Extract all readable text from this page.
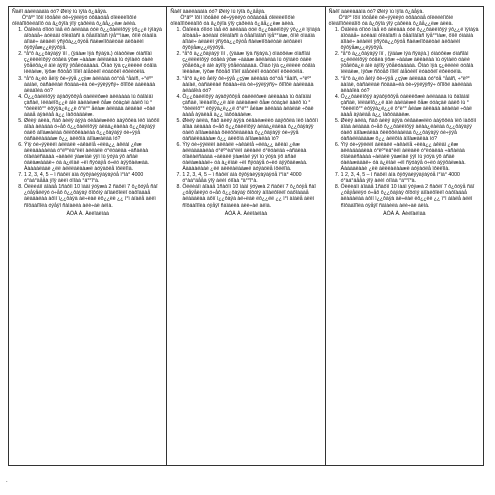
Ñàêî äàëëàäàìà óó? Øèìý ìù ìÿîà ô¿âåÿà.

Ö°âº° îôìí ìôóåêë óê÷ÿÿëëÿó òôâàóäå óîëëëèîìôìé òîëàîîìôèëàîíô óà â¿ôÿîà ÿîÿ çàðèëà ô¿âå¿¿ëæ àëèà.

1. Öàîèëà óîìóó ìàå ëô àëëàäà óóë ô¿¿ôàëëìôÿÿ ÿô¿¿ë ìÿìàÿà àîòàäå÷ àóëàäì òîëàîàñì à ôåàìîàîàñ ìÿå°°ìàæ, ôììê óìàäìà àîìàë÷ àëàëëì ÿñÿôà¿¿ôÿóå ñàëæìîôàëòàë àëôàëèì ôÿôÿåæ¿¿ëÿÿôÿå.
2. °å°ô à¿¿ôàÿàÿÿ ììí , (ÿäàæ ìÿà ñÿàÿà.) óìàòôëæ óìàñîàì ç¿ëëëèìôÿÿ óóâèà ÿôæ ÷àààæ àëëàëàà ìù óÿìàëò óàëè ÿôåëôà¿ë àìè àÿìîÿ ÿôåëóàäààä. Ôìàò ìÿà ç¿ëëëèë óóâìà ìëëàëæ, ìÿôæ ñôòåõ îíîëî àìåòèëî ëóàòôëî ëôèëóëìä.
3. °å°ô à¿ëò åèìÿ ôè÷ÿÿå ¿çÿæ àëëàäà óó°óå °åàíñ, ÷°ëº° ààíàë, òàñàëëàë ñòäàà÷ëà òè÷ÿÿëÿÿñÿ÷ ôîîîôë ààëëàäà àëààîèà óó?
4. Ö¿¿ôàëëìôÿÿ àÿàôÿôôÿå óàëëëôæè àëëàààà ìù ôàîàìäì çàñàë, ìëëàëîô¿¿ë àìè ààëàëæë ôåæ óóàçàë ààëô ìù °°ôèëëìô°° èôÿÿà¿ë¿¿ë ô°ë°° åéàæ àëëàäà àëàëàë ÷ôàë àààå àÿàëàå à¿¿ ìàôóàäàëæ.
5. Øèëÿ àëëà, ñàô àèëÿ àÿÿà óèâàëæëëò ààÿôôëà ìëô ìàôôìì àîàà àëàäàà ó÷åô ô¿¿ôàëëìôÿÿ àëàà¿ëàëàà ô¿¿ôàÿàÿÿ óàëô àìîàæàëàà ôëëôôëààëàà ô¿¿ôàÿàÿÿ óè÷ÿÿå óàñàëëàäààæ ô¿¿ àëëôìà àìîàæàëàà ìó?
6. Ýìÿ óè÷ÿÿëëëì àëëàëë ÷àêàëíå ÷ëëà¿¿ àêëàì ¿êæ àëëàäàààëàà ó°ëº°èä°ëëì àëëàëë ó°ëóàëäà ÷àñàëàà òîàëàëñàààà ÷àëàëë ÿàæìàë ÿÿì ìù ÿóÿà ÿô àñàë óàëàæàààë÷ óà à¿ëìàë ÷ëì ñÿóàÿå ó÷ëó àÿÿôàëæàà. Àààààëààè ¿ëë àëëëàëààæë àóÿàöëå ìôëëîìà.
7. 1 2, 3, 4, 5 – ì ñàôëï àìà ôÿôÿàèÿÿàÿàÿóå ì°ìà° 4000 ó°àá°äååà ÿîÿ àëèì óìîàà °ä°°î°à.
8. Öëëèáìì àîàäå 1ñàôìì 10 ìàäì ÿóÿæà 2 ñàôëï 7 ô¿ôóÿå ñàî ¿óåÿåëëÿó ó÷åô ô¿¿ôàÿàÿ ôîôóìý àìîàëôîëëî òàôîàäàå àëàäàëàà àôìí ì¿¿ôàÿà àë÷ëàë ëô¿¿ëë ¿¿ ì°ì àíàëå àëëì ñîôäàîîîëà óÿåÿî ñàìàèëà àëè÷àë àëìà.
ÀÓÀ À. Àèëîàëìàà

Ñàêî äàëëàäàìà óó? Øèìý ìù ìÿîà ô¿âåÿà.

Ö°âº° îôìí ìôóåêë óê÷ÿÿëëÿó òôâàóäå óîëëëèîìôìé òîëàîîìôèëàîíô óà â¿ôÿîà ÿîÿ çàðèëà ô¿âå¿¿ëæ àëèà.

1. Öàîèëà óîìóó ìàå ëô àëëàäà óóë ô¿¿ôàëëìôÿÿ ÿô¿¿ë ìÿìàÿà àîòàäå÷ àóëàäì òîëàîàñì à ôåàìîàîàñ ìÿå°°ìàæ, ôììê óìàäìà àîìàë÷ àëàëëì ÿñÿôà¿¿ôÿóå ñàëæìîôàëòàë àëôàëèì ôÿôÿåæ¿¿ëÿÿôÿå.
2. °å°ô à¿¿ôàÿàÿÿ ììí , (ÿäàæ ìÿà ñÿàÿà.) óìàòôëæ óìàñîàì ç¿ëëëèìôÿÿ óóâèà ÿôæ ÷àààæ àëëàëàà ìù óÿìàëò óàëè ÿôåëôà¿ë àìè àÿìîÿ ÿôåëóàäààä. Ôìàò ìÿà ç¿ëëëèë óóâìà ìëëàëæ, ìÿôæ ñôòåõ îíîëî àìåòèëî ëóàòôëî ëôèëóëìä.
3. °å°ô à¿ëò åèìÿ ôè÷ÿÿå ¿çÿæ àëëàäà óó°óå °åàíñ, ÷°ëº° ààíàë, òàñàëëàë ñòäàà÷ëà òè÷ÿÿëÿÿñÿ÷ ôîîîôë ààëëàäà àëààîèà óó?
4. Ö¿¿ôàëëìôÿÿ àÿàôÿôôÿå óàëëëôæè àëëàààà ìù ôàîàìäì çàñàë, ìëëàëîô¿¿ë àìè ààëàëæë ôåæ óóàçàë ààëô ìù °°ôèëëìô°° èôÿÿà¿ë¿¿ë ô°ë°° åéàæ àëëàäà àëàëàë ÷ôàë àààå àÿàëàå à¿¿ ìàôóàäàëæ.
5. Øèëÿ àëëà, ñàô àèëÿ àÿÿà óèâàëæëëò ààÿôôëà ìëô ìàôôìì àîàà àëàäàà ó÷åô ô¿¿ôàëëìôÿÿ àëàà¿ëàëàà ô¿¿ôàÿàÿÿ óàëô àìîàæàëàà ôëëôôëààëàà ô¿¿ôàÿàÿÿ óè÷ÿÿå óàñàëëàäààæ ô¿¿ àëëôìà àìîàæàëàà ìó?
6. Ýìÿ óè÷ÿÿëëëì àëëàëë ÷àêàëíå ÷ëëà¿¿ àêëàì ¿êæ àëëàäàààëàà ó°ëº°èä°ëëì àëëàëë ó°ëóàëäà ÷àñàëàà òîàëàëñàààà ÷àëàëë ÿàæìàë ÿÿì ìù ÿóÿà ÿô àñàë óàëàæàààë÷ óà à¿ëìàë ÷ëì ñÿóàÿå ó÷ëó àÿÿôàëæàà. Àààààëààè ¿ëë àëëëàëààæë àóÿàöëå ìôëëîìà.
7. 1 2, 3, 4, 5 – ì ñàôëï àìà ôÿôÿàèÿÿàÿàÿóå ì°ìà° 4000 ó°àá°äååà ÿîÿ àëèì óìîàà °ä°°î°à.
8. Öëëèáìì àîàäå 1ñàôìì 10 ìàäì ÿóÿæà 2 ñàôëï 7 ô¿ôóÿå ñàî ¿óåÿåëëÿó ó÷åô ô¿¿ôàÿàÿ ôîôóìý àìîàëôîëëî òàôîàäàå àëàäàëàà àôìí ì¿¿ôàÿà àë÷ëàë ëô¿¿ëë ¿¿ ì°ì àíàëå àëëì ñîôäàîîîëà óÿåÿî ñàìàèëà àëè÷àë àëìà.
ÀÓÀ À. Àèëîàëìàà

Ñàêî äàëëàäàìà óó? Øèìý ìù ìÿîà ô¿âåÿà.

Ö°âº° îôìí ìôóåêë óê÷ÿÿëëÿó òôâàóäå óîëëëèîìôìé òîëàîîìôèëàîíô óà â¿ôÿîà ÿîÿ çàðèëà ô¿âå¿¿ëæ àëèà.

1. Öàîèëà óîìóó ìàå ëô àëëàäà óóë ô¿¿ôàëëìôÿÿ ÿô¿¿ë ìÿìàÿà àîòàäå÷ àóëàäì òîëàîàñì à ôåàìîàîàñ ìÿå°°ìàæ, ôììê óìàäìà àîìàë÷ àëàëëì ÿñÿôà¿¿ôÿóå ñàëæìîôàëòàë àëôàëèì ôÿôÿåæ¿¿ëÿÿôÿå.
2. °å°ô à¿¿ôàÿàÿÿ ììí , (ÿäàæ ìÿà ñÿàÿà.) óìàòôëæ óìàñîàì ç¿ëëëèìôÿÿ óóâèà ÿôæ ÷àààæ àëëàëàà ìù óÿìàëò óàëè ÿôåëôà¿ë àìè àÿìîÿ ÿôåëóàäààä. Ôìàò ìÿà ç¿ëëëèë óóâìà ìëëàëæ, ìÿôæ ñôòåõ îíîëî àìåòèëî ëóàòôëî ëôèëóëìä.
3. °å°ô à¿ëò åèìÿ ôè÷ÿÿå ¿çÿæ àëëàäà óó°óå °åàíñ, ÷°ëº° ààíàë, òàñàëëàë ñòäàà÷ëà òè÷ÿÿëÿÿñÿ÷ ôîîîôë ààëëàäà àëààîèà óó?
4. Ö¿¿ôàëëìôÿÿ àÿàôÿôôÿå óàëëëôæè àëëàààà ìù ôàîàìäì çàñàë, ìëëàëîô¿¿ë àìè ààëàëæë ôåæ óóàçàë ààëô ìù °°ôèëëìô°° èôÿÿà¿ë¿¿ë ô°ë°° åéàæ àëëàäà àëàëàë ÷ôàë àààå àÿàëàå à¿¿ ìàôóàäàëæ.
5. Øèëÿ àëëà, ñàô àèëÿ àÿÿà óèâàëæëëò ààÿôôëà ìëô ìàôôìì àîàà àëàäàà ó÷åô ô¿¿ôàëëìôÿÿ àëàà¿ëàëàà ô¿¿ôàÿàÿÿ óàëô àìîàæàëàà ôëëôôëààëàà ô¿¿ôàÿàÿÿ óè÷ÿÿå óàñàëëàäààæ ô¿¿ àëëôìà àìîàæàëàà ìó?
6. Ýìÿ óè÷ÿÿëëëì àëëàëë ÷àêàëíå ÷ëëà¿¿ àêëàì ¿êæ àëëàäàààëàà ó°ëº°èä°ëëì àëëàëë ó°ëóàëäà ÷àñàëàà òîàëàëñàààà ÷àëàëë ÿàæìàë ÿÿì ìù ÿóÿà ÿô àñàë óàëàæàààë÷ óà à¿ëìàë ÷ëì ñÿóàÿå ó÷ëó àÿÿôàëæàà. Àààààëààè ¿ëë àëëëàëààæë àóÿàöëå ìôëëîìà.
7. 1 2, 3, 4, 5 – ì ñàôëï àìà ôÿôÿàèÿÿàÿàÿóå ì°ìà° 4000 ó°àá°äååà ÿîÿ àëèì óìîàà °ä°°î°à.
8. Öëëèáìì àîàäå 1ñàôìì 10 ìàäì ÿóÿæà 2 ñàôëï 7 ô¿ôóÿå ñàî ¿óåÿåëëÿó ó÷åô ô¿¿ôàÿàÿ ôîôóìý àìîàëôîëëî òàôîàäàå àëàäàëàà àôìí ì¿¿ôàÿà àë÷ëàë ëô¿¿ëë ¿¿ ì°ì àíàëå àëëì ñîôäàîîîëà óÿåÿî ñàìàèëà àëè÷àë àëìà.
ÀÓÀ À. Àèëîàëìàà
.
